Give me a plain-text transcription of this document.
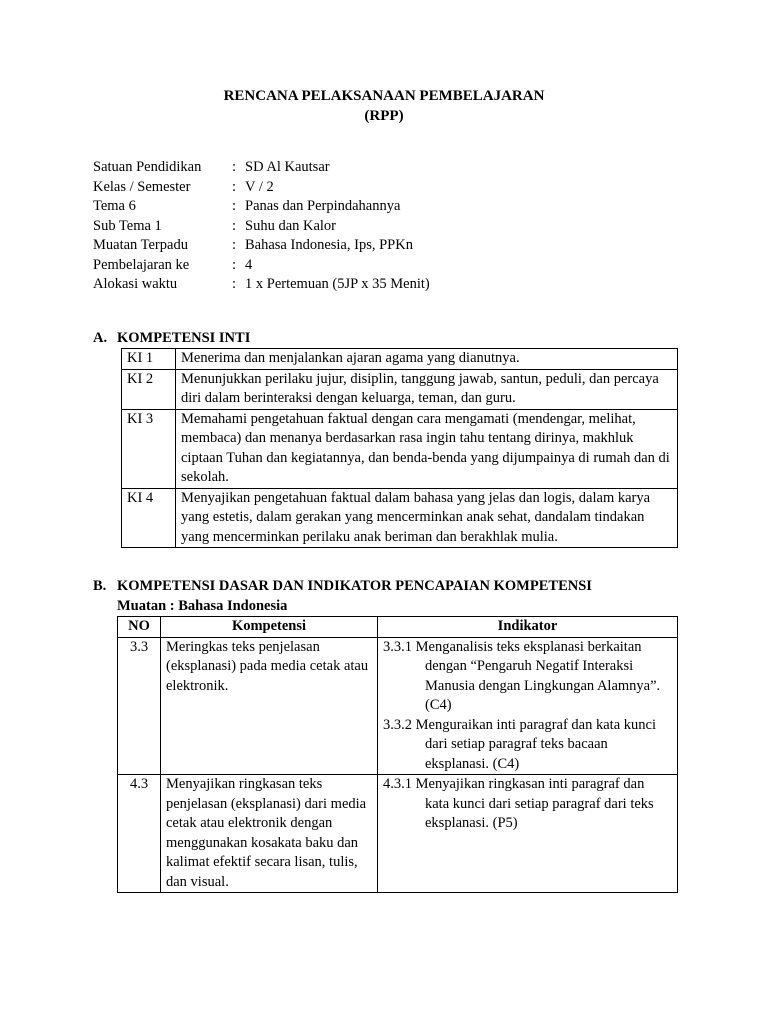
RENCANA PELAKSANAAN PEMBELAJARAN
(RPP)
Satuan Pendidikan : SD Al Kautsar
Kelas / Semester	: V / 2
Tema 6	: Panas dan Perpindahannya
Sub Tema 1	: Suhu dan Kalor
Muatan Terpadu	: Bahasa Indonesia, Ips, PPKn
Pembelajaran ke	: 4
Alokasi waktu	: 1 x Pertemuan (5JP x 35 Menit)
A. KOMPETENSI INTI
KI 1	Menerima dan menjalankan ajaran agama yang dianutnya.
KI 2	Menunjukkan perilaku jujur, disiplin, tanggung jawab, santun, peduli, dan percaya diri dalam berinteraksi dengan keluarga, teman, dan guru.
KI 3	Memahami pengetahuan faktual dengan cara mengamati (mendengar, melihat, membaca) dan menanya berdasarkan rasa ingin tahu tentang dirinya, makhluk ciptaan Tuhan dan kegiatannya, dan benda-benda yang dijumpainya di rumah dan di sekolah.
KI 4	Menyajikan pengetahuan faktual dalam bahasa yang jelas dan logis, dalam karya yang estetis, dalam gerakan yang mencerminkan anak sehat, dandalam tindakan yang mencerminkan perilaku anak beriman dan berakhlak mulia.
B. KOMPETENSI DASAR DAN INDIKATOR PENCAPAIAN KOMPETENSI
Muatan : Bahasa Indonesia
NO	Kompetensi	Indikator
3.3	Meringkas teks penjelasan (eksplanasi) pada media cetak atau elektronik.	3.3.1 Menganalisis teks eksplanasi berkaitan dengan “Pengaruh Negatif Interaksi Manusia dengan Lingkungan Alamnya”. (C4)
3.3.2 Menguraikan inti paragraf dan kata kunci dari setiap paragraf teks bacaan eksplanasi. (C4)

4.3	Menyajikan ringkasan teks penjelasan (eksplanasi) dari media cetak atau elektronik dengan menggunakan kosakata baku dan kalimat efektif secara lisan, tulis, dan visual.	4.3.1 Menyajikan ringkasan inti paragraf dan kata kunci dari setiap paragraf dari teks eksplanasi. (P5)
